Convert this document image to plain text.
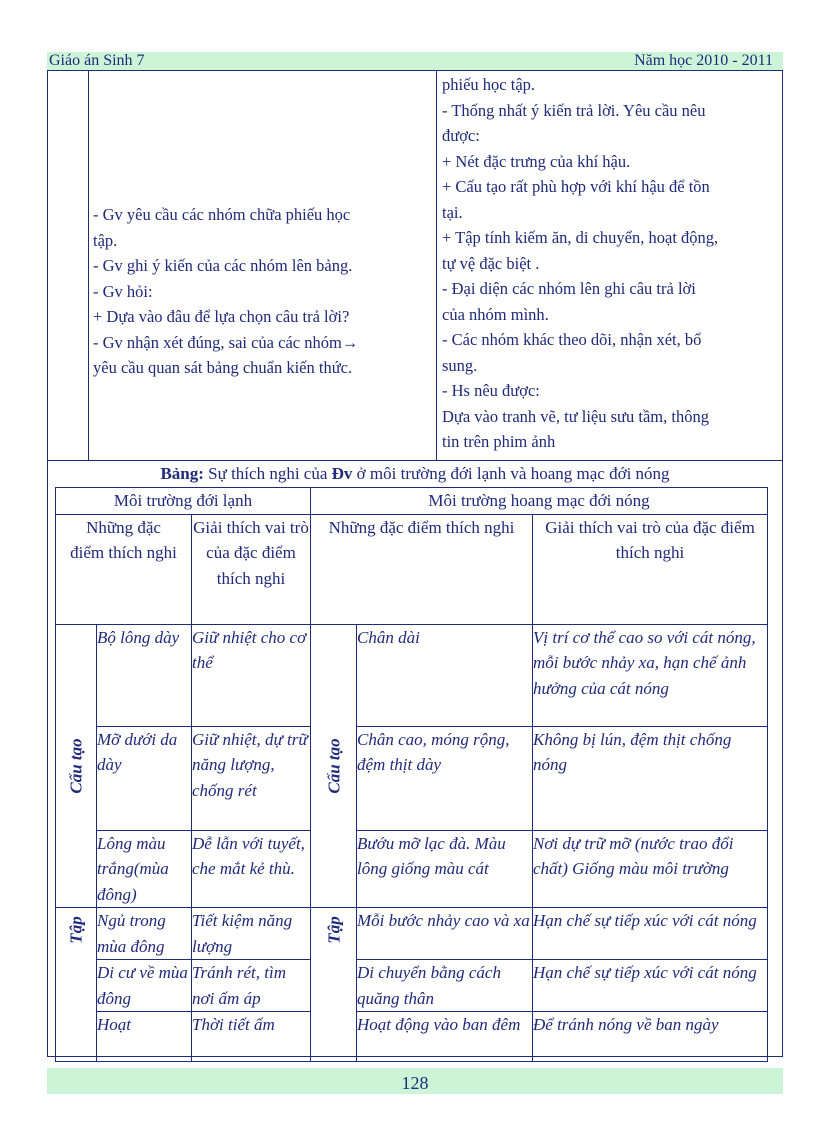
Giáo án Sinh 7	Năm học 2010 - 2011
- Gv yêu cầu các nhóm chữa phiếu học
tập.
- Gv ghi ý kiến của các nhóm lên bảng.
- Gv hỏi:
+ Dựa vào đâu để lựa chọn câu trả lời?
- Gv nhận xét đúng, sai của các nhóm→
yêu cầu quan sát bảng chuẩn kiến thức.
phiếu học tập.
- Thống nhất ý kiến trả lời. Yêu cầu nêu
được:
+ Nét đặc trưng của khí hậu.
+ Cấu tạo rất phù hợp với khí hậu để tồn
tại.
+ Tập tính kiếm ăn, di chuyển, hoạt động,
tự vệ đặc biệt .
- Đại diện các nhóm lên ghi câu trả lời
của nhóm mình.
- Các nhóm khác theo dõi, nhận xét, bổ
sung.
- Hs nêu được:
Dựa vào tranh vẽ, tư liệu sưu tầm, thông
tin trên phim ảnh
Bảng: Sự thích nghi của Đv ở môi trường đới lạnh và hoang mạc đới nóng
Môi trường đới lạnh			Môi trường hoang mạc đới nóng		

Những đặc điểm thích nghi		Giải thích vai trò của đặc điểm thích nghi	Những đặc điểm thích nghi		Giải thích vai trò của đặc điểm thích nghi

Cấu tạo	Bộ lông dày	Giữ nhiệt cho cơ thể	Cấu tạo	Chân dài	Vị trí cơ thể cao so với cát nóng, mỗi bước nhảy xa, hạn chế ảnh hưởng của cát nóng
	Mỡ dưới da dày	Giữ nhiệt, dự trữ năng lượng, chống rét		Chân cao, móng rộng, đệm thịt dày	Không bị lún, đệm thịt chống nóng
	Lông màu trắng(mùa đông)	Dễ lẫn với tuyết, che mắt kẻ thù.		Bướu mỡ lạc đà. Màu lông giống màu cát	Nơi dự trữ mỡ (nước trao đổi chất) Giống màu môi trường

Tập	Ngủ trong mùa đông	Tiết kiệm năng lượng	Tập	Mỗi bước nhảy cao và xa	Hạn chế sự tiếp xúc với cát nóng
	Di cư về mùa đông	Tránh rét, tìm nơi ấm áp		Di chuyển bằng cách quăng thân	Hạn chế sự tiếp xúc với cát nóng
	Hoạt	Thời tiết ấm		Hoạt động vào ban đêm	Để tránh nóng về ban ngày
128
